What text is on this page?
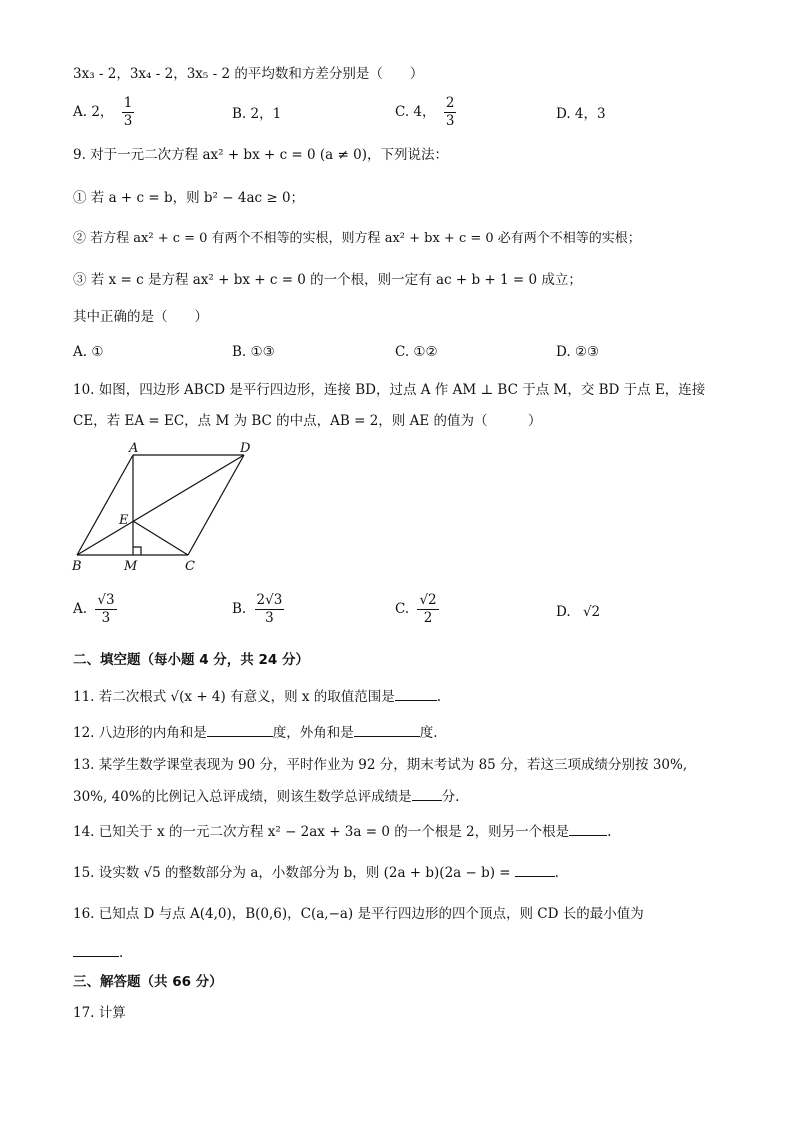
3x₃ - 2，3x₄ - 2，3x₅ - 2 的平均数和方差分别是（　　）
A. 2， $\frac{1}{3}$	B. 2，1	C. 4， $\frac{2}{3}$	D. 4，3
9. 对于一元二次方程 ax² + bx + c = 0 (a ≠ 0)，下列说法：
① 若 a + c = b，则 b² − 4ac ≥ 0；
② 若方程 ax² + c = 0 有两个不相等的实根，则方程 ax² + bx + c = 0 必有两个不相等的实根；
③ 若 x = c 是方程 ax² + bx + c = 0 的一个根，则一定有 ac + b + 1 = 0 成立；
其中正确的是（　　）
A. ①	B. ①③	C. ①②	D. ②③
10. 如图，四边形 ABCD 是平行四边形，连接 BD，过点 A 作 AM ⊥ BC 于点 M，交 BD 于点 E，连接
CE，若 EA = EC，点 M 为 BC 的中点，AB = 2，则 AE 的值为（　　　）
A	D
E
B	M	C
A. $\frac{√3}{3}$	B. $\frac{2√3}{3}$	C. $\frac{√2}{2}$	D. √2
二、填空题（每小题 4 分，共 24 分）
11. 若二次根式 √(x + 4) 有意义，则 x 的取值范围是	.
12. 八边形的内角和是	度，外角和是	度.
13. 某学生数学课堂表现为 90 分，平时作业为 92 分，期末考试为 85 分，若这三项成绩分别按 30%,
30%, 40%的比例记入总评成绩，则该生数学总评成绩是 分.
14. 已知关于 x 的一元二次方程 x² − 2ax + 3a = 0 的一个根是 2，则另一个根是	.
15. 设实数 √5 的整数部分为 a，小数部分为 b，则 (2a + b)(2a − b) =	.
16. 已知点 D 与点 A(4,0)，B(0,6)，C(a,−a) 是平行四边形的四个顶点，则 CD 长的最小值为
.
三、解答题（共 66 分）
17. 计算
